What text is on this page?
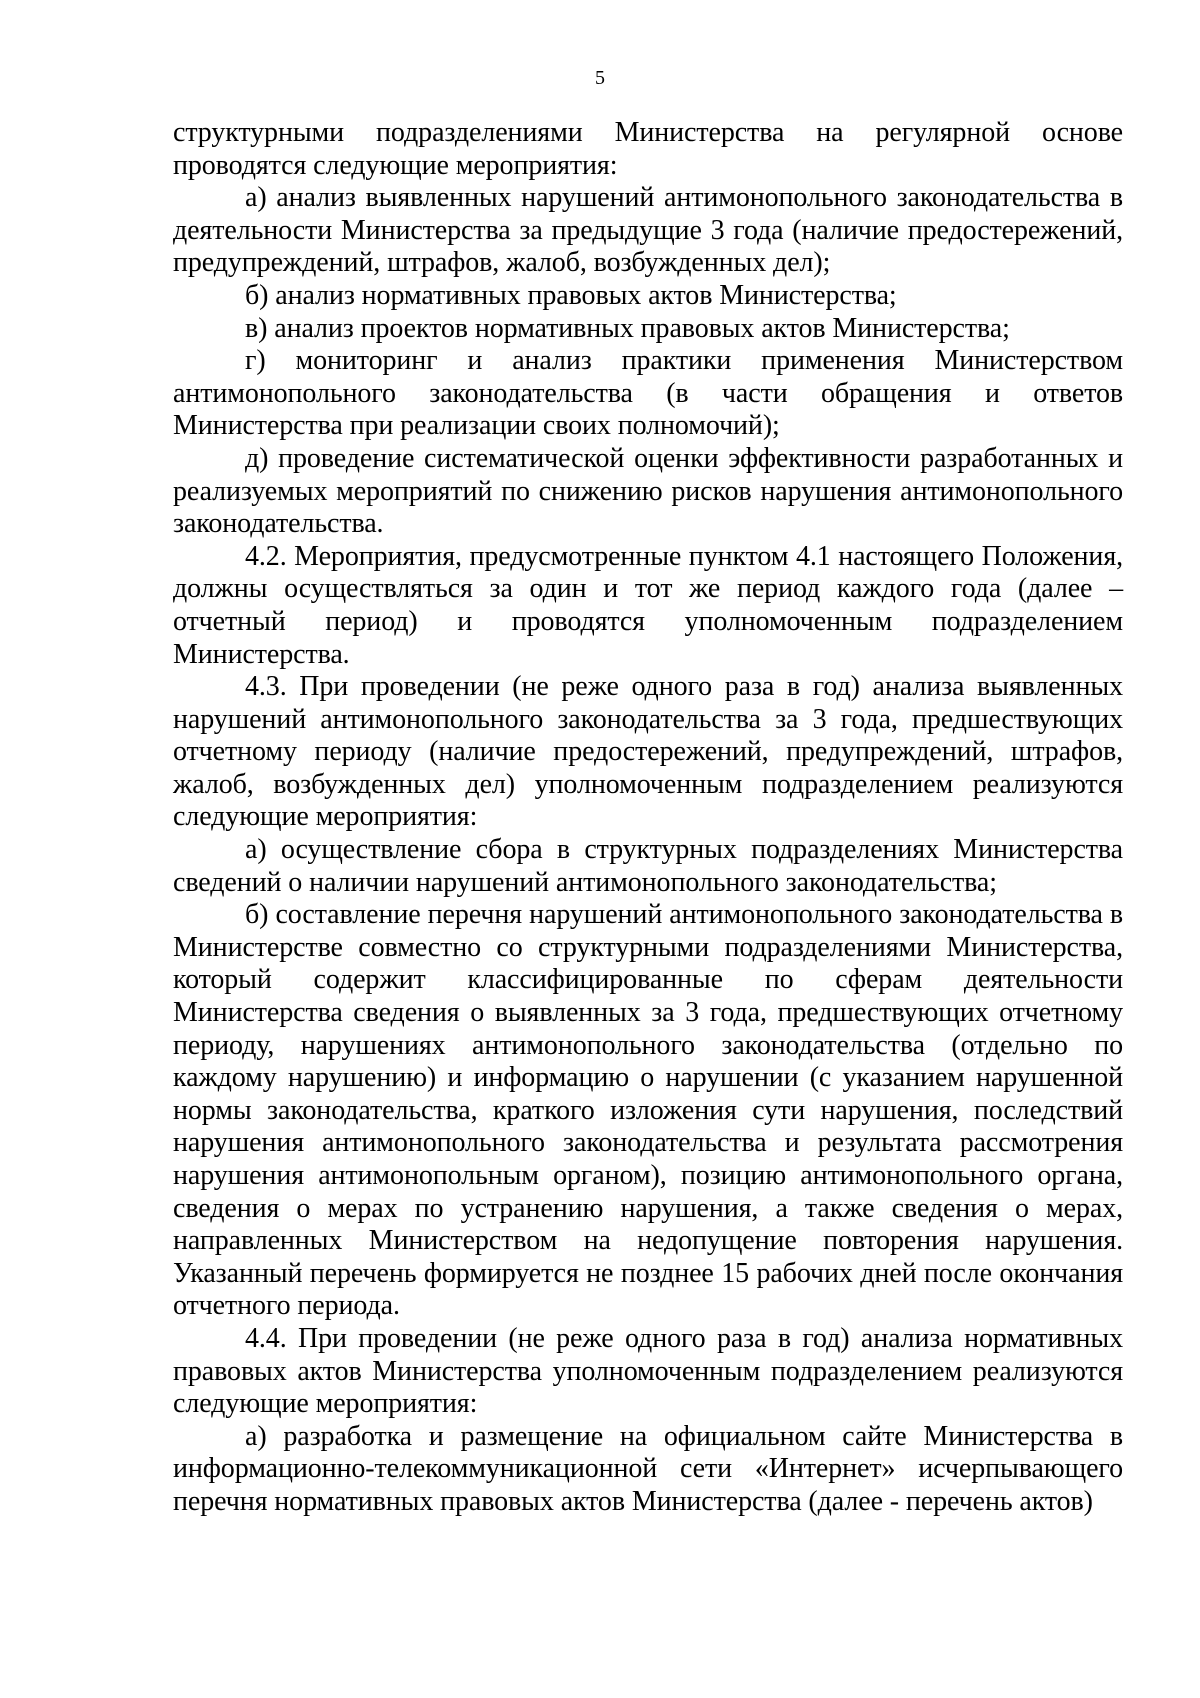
5

структурными подразделениями Министерства на регулярной основе проводятся следующие мероприятия:

а) анализ выявленных нарушений антимонопольного законодательства в деятельности Министерства за предыдущие 3 года (наличие предостережений, предупреждений, штрафов, жалоб, возбужденных дел);

б) анализ нормативных правовых актов Министерства;

в) анализ проектов нормативных правовых актов Министерства;

г) мониторинг и анализ практики применения Министерством антимонопольного законодательства (в части обращения и ответов Министерства при реализации своих полномочий);

д) проведение систематической оценки эффективности разработанных и реализуемых мероприятий по снижению рисков нарушения антимонопольного законодательства.

4.2. Мероприятия, предусмотренные пунктом 4.1 настоящего Положения, должны осуществляться за один и тот же период каждого года (далее – отчетный период) и проводятся уполномоченным подразделением Министерства.

4.3. При проведении (не реже одного раза в год) анализа выявленных нарушений антимонопольного законодательства за 3 года, предшествующих отчетному периоду (наличие предостережений, предупреждений, штрафов, жалоб, возбужденных дел) уполномоченным подразделением реализуются следующие мероприятия:

а) осуществление сбора в структурных подразделениях Министерства сведений о наличии нарушений антимонопольного законодательства;

б) составление перечня нарушений антимонопольного законодательства в Министерстве совместно со структурными подразделениями Министерства, который содержит классифицированные по сферам деятельности Министерства сведения о выявленных за 3 года, предшествующих отчетному периоду, нарушениях антимонопольного законодательства (отдельно по каждому нарушению) и информацию о нарушении (с указанием нарушенной нормы законодательства, краткого изложения сути нарушения, последствий нарушения антимонопольного законодательства и результата рассмотрения нарушения антимонопольным органом), позицию антимонопольного органа, сведения о мерах по устранению нарушения, а также сведения о мерах, направленных Министерством на недопущение повторения нарушения. Указанный перечень формируется не позднее 15 рабочих дней после окончания отчетного периода.

4.4. При проведении (не реже одного раза в год) анализа нормативных правовых актов Министерства уполномоченным подразделением реализуются следующие мероприятия:

а) разработка и размещение на официальном сайте Министерства в информационно-телекоммуникационной сети «Интернет» исчерпывающего перечня нормативных правовых актов Министерства (далее - перечень актов)
